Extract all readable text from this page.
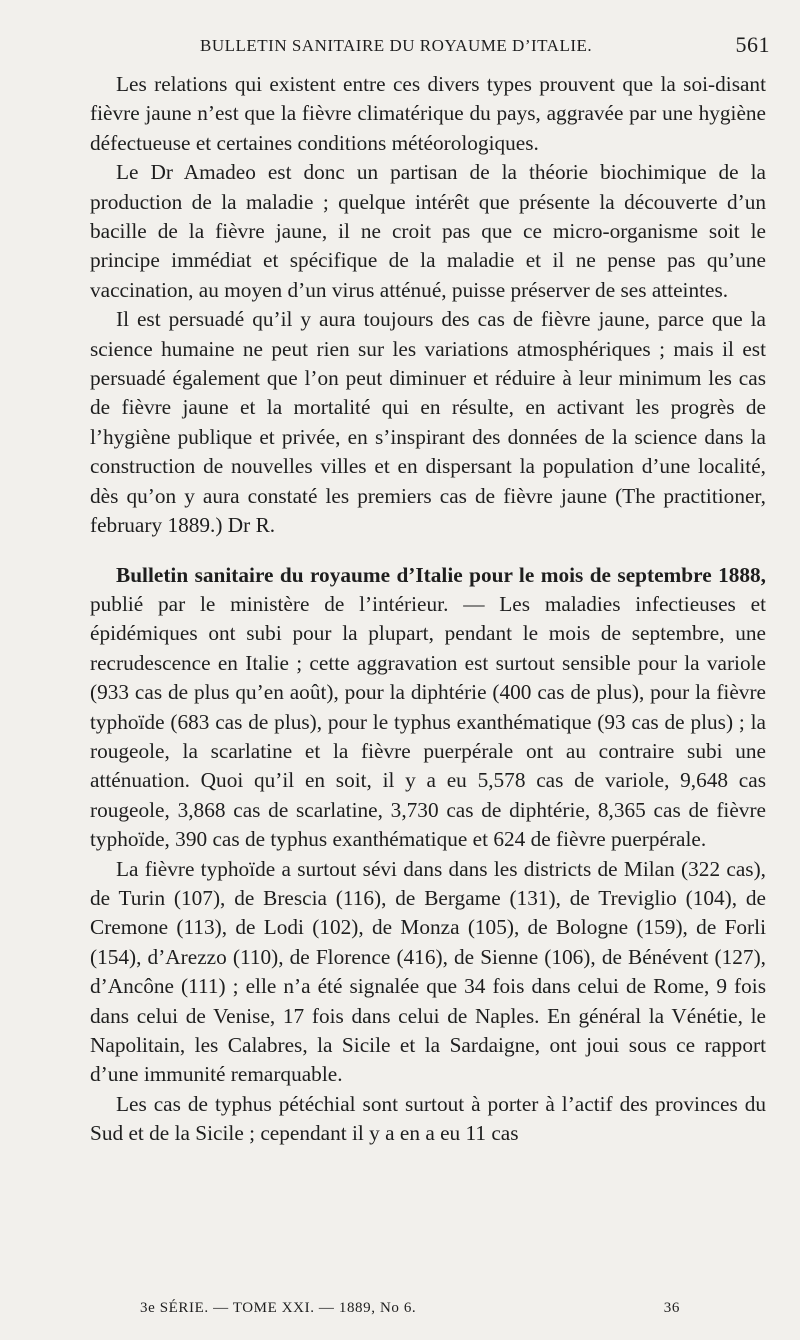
BULLETIN SANITAIRE DU ROYAUME D’ITALIE.	561

Les relations qui existent entre ces divers types prouvent que la soi-disant fièvre jaune n’est que la fièvre climatérique du pays, aggravée par une hygiène défectueuse et certaines conditions météorologiques.

Le Dr Amadeo est donc un partisan de la théorie biochimique de la production de la maladie ; quelque intérêt que présente la découverte d’un bacille de la fièvre jaune, il ne croit pas que ce micro-organisme soit le principe immédiat et spécifique de la maladie et il ne pense pas qu’une vaccination, au moyen d’un virus atténué, puisse préserver de ses atteintes.

Il est persuadé qu’il y aura toujours des cas de fièvre jaune, parce que la science humaine ne peut rien sur les variations atmosphériques ; mais il est persuadé également que l’on peut diminuer et réduire à leur minimum les cas de fièvre jaune et la mortalité qui en résulte, en activant les progrès de l’hygiène publique et privée, en s’inspirant des données de la science dans la construction de nouvelles villes et en dispersant la population d’une localité, dès qu’on y aura constaté les premiers cas de fièvre jaune (The practitioner, february 1889.) Dr R.

Bulletin sanitaire du royaume d’Italie pour le mois de septembre 1888, publié par le ministère de l’intérieur. — Les maladies infectieuses et épidémiques ont subi pour la plupart, pendant le mois de septembre, une recrudescence en Italie ; cette aggravation est surtout sensible pour la variole (933 cas de plus qu’en août), pour la diphtérie (400 cas de plus), pour la fièvre typhoïde (683 cas de plus), pour le typhus exanthématique (93 cas de plus) ; la rougeole, la scarlatine et la fièvre puerpérale ont au contraire subi une atténuation. Quoi qu’il en soit, il y a eu 5,578 cas de variole, 9,648 cas rougeole, 3,868 cas de scarlatine, 3,730 cas de diphtérie, 8,365 cas de fièvre typhoïde, 390 cas de typhus exanthématique et 624 de fièvre puerpérale.

La fièvre typhoïde a surtout sévi dans dans les districts de Milan (322 cas), de Turin (107), de Brescia (116), de Bergame (131), de Treviglio (104), de Cremone (113), de Lodi (102), de Monza (105), de Bologne (159), de Forli (154), d’Arezzo (110), de Florence (416), de Sienne (106), de Bénévent (127), d’Ancône (111) ; elle n’a été signalée que 34 fois dans celui de Rome, 9 fois dans celui de Venise, 17 fois dans celui de Naples. En général la Vénétie, le Napolitain, les Calabres, la Sicile et la Sardaigne, ont joui sous ce rapport d’une immunité remarquable.

Les cas de typhus pétéchial sont surtout à porter à l’actif des provinces du Sud et de la Sicile ; cependant il y a en a eu 11 cas

3e SÉRIE. — TOME XXI. — 1889, No 6.	36
